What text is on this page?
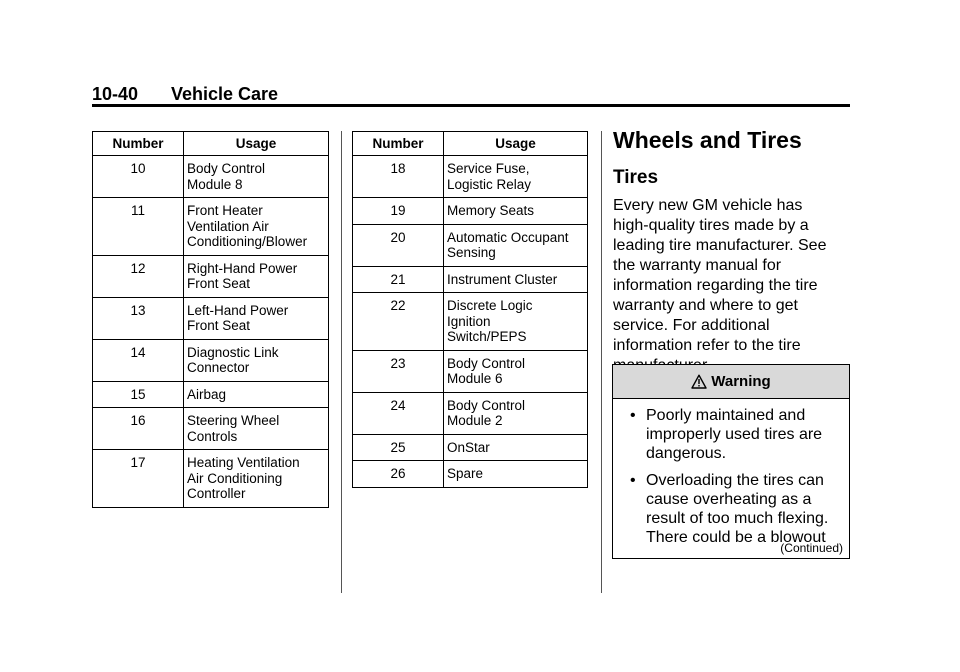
10-40 Vehicle Care
Number	Usage
10	Body Control
Module 8

11	Front Heater
Ventilation Air
Conditioning/Blower

12	Right-Hand Power
Front Seat

13	Left-Hand Power
Front Seat

14	Diagnostic Link
Connector

15	Airbag

16	Steering Wheel
Controls

17	Heating Ventilation
Air Conditioning
Controller
Number	Usage
18	Service Fuse,
Logistic Relay

19	Memory Seats

20	Automatic Occupant
Sensing

21	Instrument Cluster

22	Discrete Logic
Ignition
Switch/PEPS

23	Body Control
Module 6

24	Body Control
Module 2

25	OnStar

26	Spare
Wheels and Tires
Tires
Every new GM vehicle has
high-quality tires made by a
leading tire manufacturer. See
the warranty manual for
information regarding the tire
warranty and where to get
service. For additional
information refer to the tire
Warning
• Poorly maintained and
improperly used tires are
dangerous.
• Overloading the tires can
cause overheating as a
result of too much flexing.
There could be a blowout
(Continued)
